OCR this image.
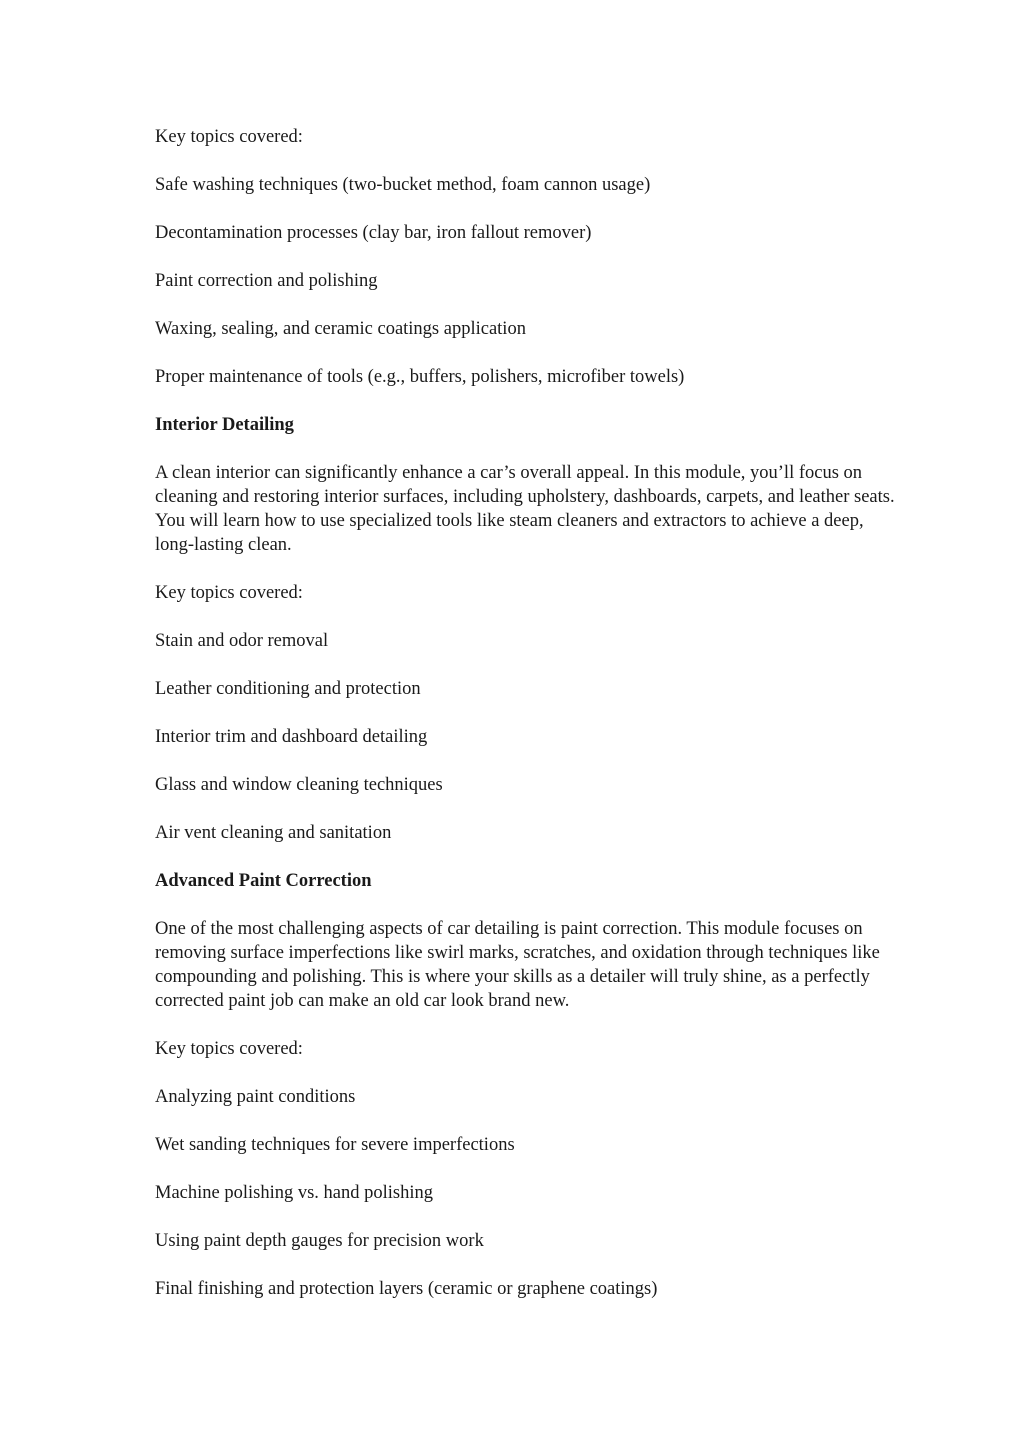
Key topics covered:

Safe washing techniques (two-bucket method, foam cannon usage)

Decontamination processes (clay bar, iron fallout remover)

Paint correction and polishing

Waxing, sealing, and ceramic coatings application

Proper maintenance of tools (e.g., buffers, polishers, microfiber towels)

Interior Detailing

A clean interior can significantly enhance a car’s overall appeal. In this module, you’ll focus on cleaning and restoring interior surfaces, including upholstery, dashboards, carpets, and leather seats. You will learn how to use specialized tools like steam cleaners and extractors to achieve a deep, long-lasting clean.

Key topics covered:

Stain and odor removal

Leather conditioning and protection

Interior trim and dashboard detailing

Glass and window cleaning techniques

Air vent cleaning and sanitation

Advanced Paint Correction

One of the most challenging aspects of car detailing is paint correction. This module focuses on removing surface imperfections like swirl marks, scratches, and oxidation through techniques like compounding and polishing. This is where your skills as a detailer will truly shine, as a perfectly corrected paint job can make an old car look brand new.

Key topics covered:

Analyzing paint conditions

Wet sanding techniques for severe imperfections

Machine polishing vs. hand polishing

Using paint depth gauges for precision work

Final finishing and protection layers (ceramic or graphene coatings)
